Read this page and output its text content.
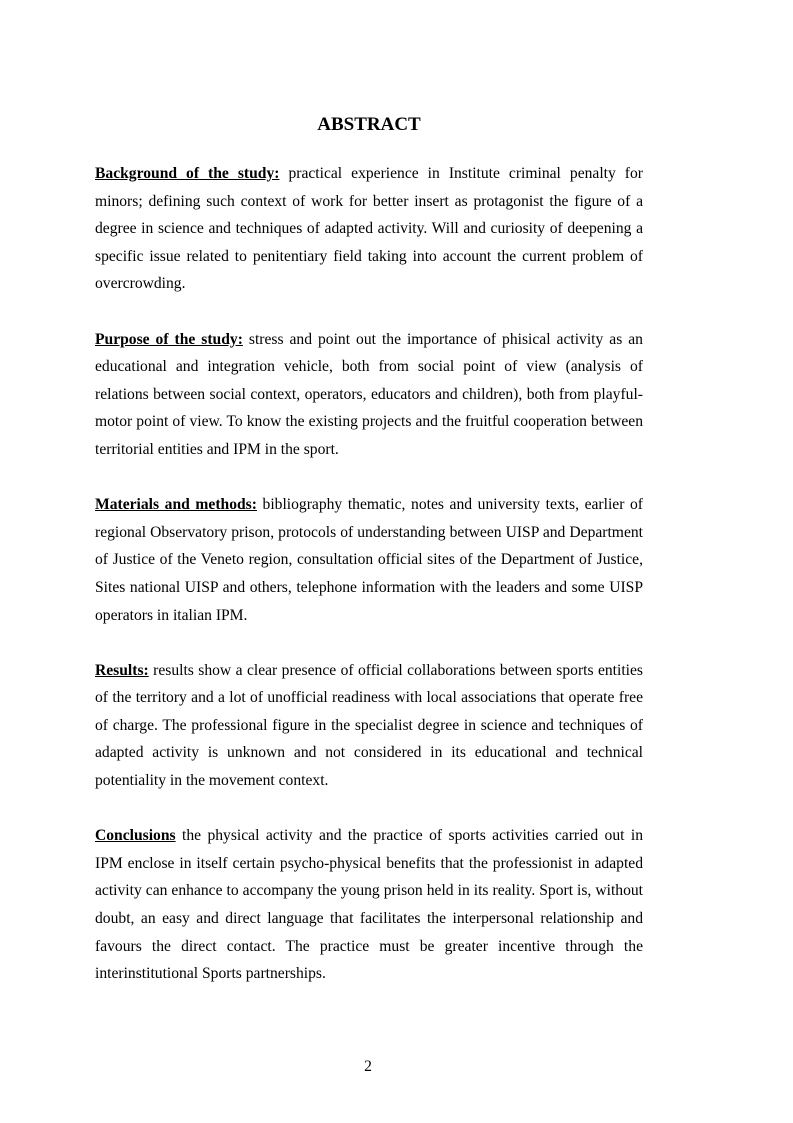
ABSTRACT

Background of the study: practical experience in Institute criminal penalty for minors; defining such context of work for better insert as protagonist the figure of a degree in science and techniques of adapted activity. Will and curiosity of deepening a specific issue related to penitentiary field taking into account the current problem of overcrowding.

Purpose of the study: stress and point out the importance of phisical activity as an educational and integration vehicle, both from social point of view (analysis of relations between social context, operators, educators and children), both from playful-motor point of view. To know the existing projects and the fruitful cooperation between territorial entities and IPM in the sport.

Materials and methods: bibliography thematic, notes and university texts, earlier of regional Observatory prison, protocols of understanding between UISP and Department of Justice of the Veneto region, consultation official sites of the Department of Justice, Sites national UISP and others, telephone information with the leaders and some UISP operators in italian IPM.

Results: results show a clear presence of official collaborations between sports entities of the territory and a lot of unofficial readiness with local associations that operate free of charge. The professional figure in the specialist degree in science and techniques of adapted activity is unknown and not considered in its educational and technical potentiality in the movement context.

Conclusions the physical activity and the practice of sports activities carried out in IPM enclose in itself certain psycho-physical benefits that the professionist in adapted activity can enhance to accompany the young prison held in its reality. Sport is, without doubt, an easy and direct language that facilitates the interpersonal relationship and favours the direct contact. The practice must be greater incentive through the interinstitutional Sports partnerships.

2
